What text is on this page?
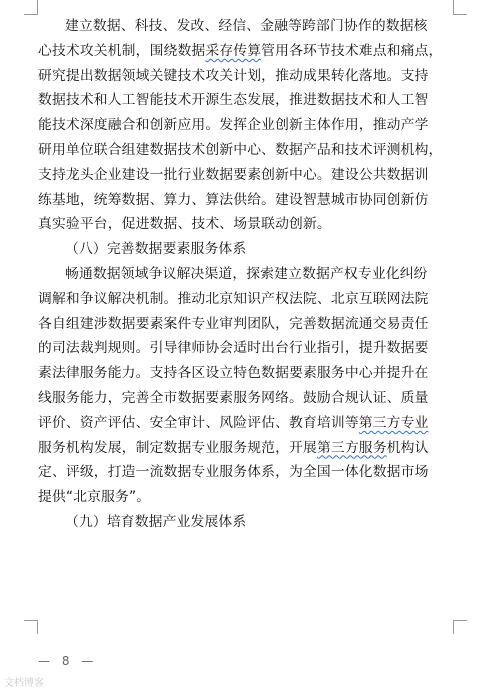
建立数据、科技、发改、经信、金融等跨部门协作的数据核
心技术攻关机制，围绕数据采存传算管用各环节技术难点和痛点，
研究提出数据领域关键技术攻关计划，推动成果转化落地。支持
数据技术和人工智能技术开源生态发展，推进数据技术和人工智
能技术深度融合和创新应用。发挥企业创新主体作用，推动产学
研用单位联合组建数据技术创新中心、数据产品和技术评测机构，
支持龙头企业建设一批行业数据要素创新中心。建设公共数据训
练基地，统筹数据、算力、算法供给。建设智慧城市协同创新仿
真实验平台，促进数据、技术、场景联动创新。
（八）完善数据要素服务体系
畅通数据领域争议解决渠道，探索建立数据产权专业化纠纷
调解和争议解决机制。推动北京知识产权法院、北京互联网法院
各自组建涉数据要素案件专业审判团队，完善数据流通交易责任
的司法裁判规则。引导律师协会适时出台行业指引，提升数据要
素法律服务能力。支持各区设立特色数据要素服务中心并提升在
线服务能力，完善全市数据要素服务网络。鼓励合规认证、质量
评价、资产评估、安全审计、风险评估、教育培训等第三方专业
服务机构发展，制定数据专业服务规范，开展第三方服务机构认
定、评级，打造一流数据专业服务体系，为全国一体化数据市场
提供“北京服务”。
（九）培育数据产业发展体系
— 8 —
文档博客
